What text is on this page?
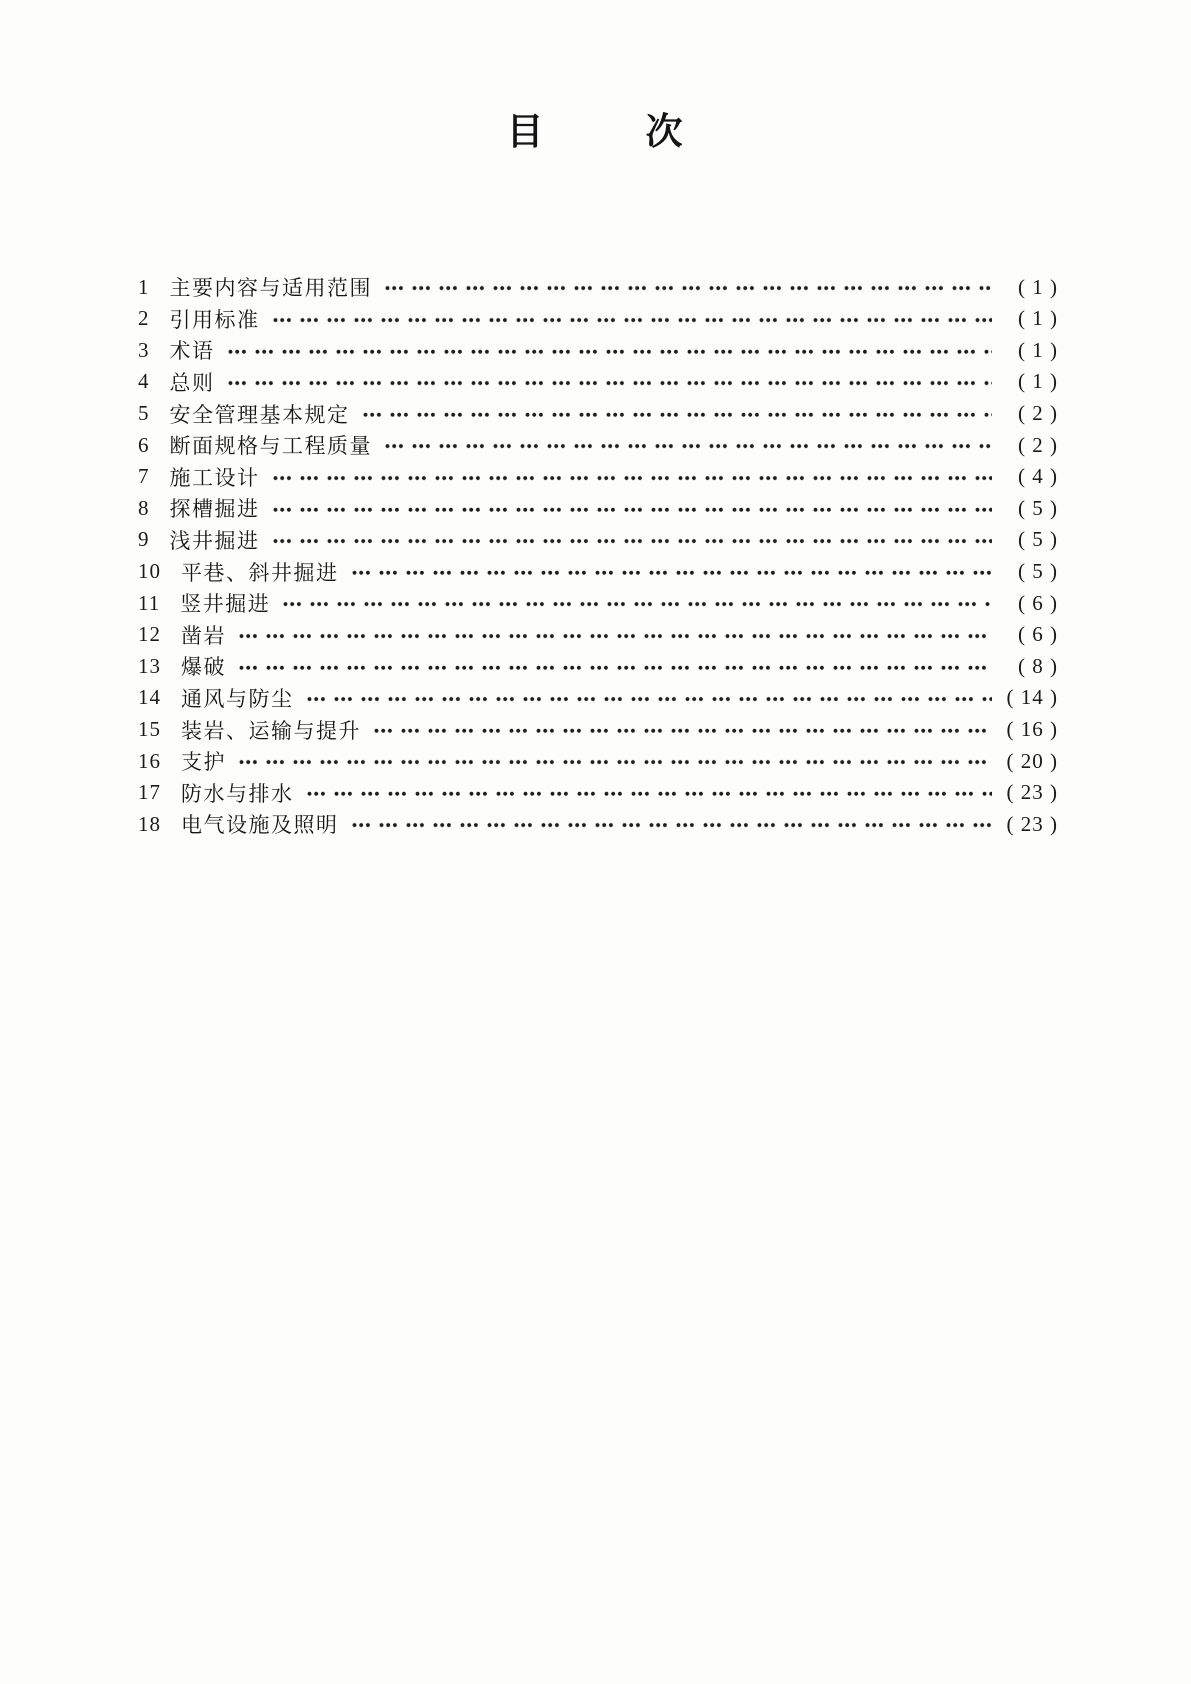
目	次
1 主要内容与适用范围	( 1 )
2 引用标准	( 1 )
3 术语	( 1 )
4 总则	( 1 )
5 安全管理基本规定	( 2 )
6 断面规格与工程质量	( 2 )
7 施工设计	( 4 )
8 探槽掘进	( 5 )
9 浅井掘进	( 5 )
10 平巷、斜井掘进	( 5 )
11 竖井掘进	( 6 )
12 凿岩	( 6 )
13 爆破	( 8 )
14 通风与防尘	( 14 )
15 装岩、运输与提升	( 16 )
16 支护	( 20 )
17 防水与排水	( 23 )
18 电气设施及照明	( 23 )
